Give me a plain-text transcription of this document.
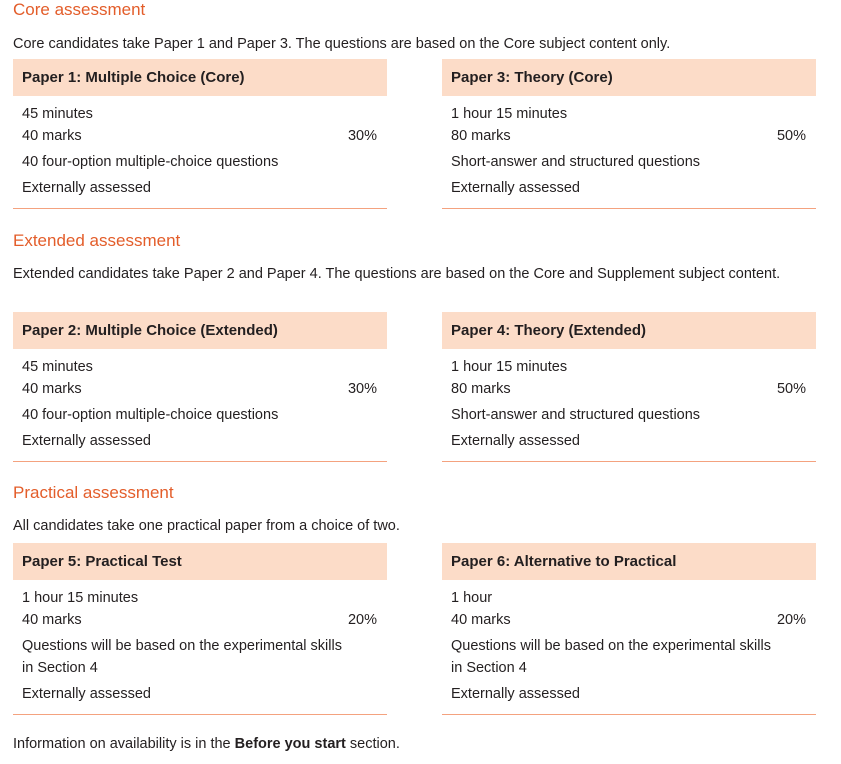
Core assessment

Core candidates take Paper 1 and Paper 3. The questions are based on the Core subject content only.

Paper 1: Multiple Choice (Core)
45 minutes
40 marks	30%
40 four-option multiple-choice questions
Externally assessed
Paper 3: Theory (Core)
1 hour 15 minutes
80 marks	50%
Short-answer and structured questions
Externally assessed
Extended assessment

Extended candidates take Paper 2 and Paper 4. The questions are based on the Core and Supplement subject content.

Paper 2: Multiple Choice (Extended)
45 minutes
40 marks	30%
40 four-option multiple-choice questions
Externally assessed
Paper 4: Theory (Extended)
1 hour 15 minutes
80 marks	50%
Short-answer and structured questions
Externally assessed
Practical assessment

All candidates take one practical paper from a choice of two.

Paper 5: Practical Test
1 hour 15 minutes
40 marks	20%
Questions will be based on the experimental skills
in Section 4
Externally assessed
Paper 6: Alternative to Practical
1 hour
40 marks	20%
Questions will be based on the experimental skills
in Section 4
Externally assessed

Information on availability is in the Before you start section.
